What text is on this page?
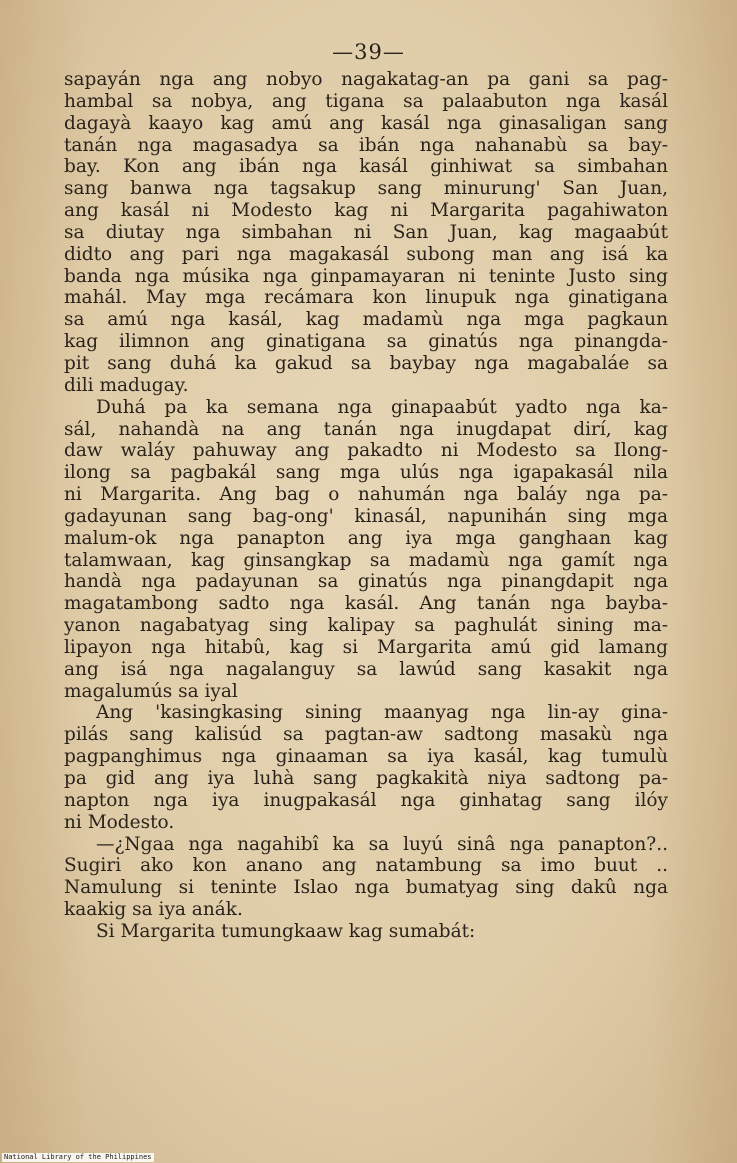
—39—
sapayán nga ang nobyo nagakatag-an pa gani sa pag-
hambal sa nobya, ang tigana sa palaabuton nga kasál
dagayà kaayo kag amú ang kasál nga ginasaligan sang
tanán nga magasadya sa ibán nga nahanabù sa bay-
bay. Kon ang ibán nga kasál ginhiwat sa simbahan
sang banwa nga tagsakup sang minurung' San Juan,
ang kasál ni Modesto kag ni Margarita pagahiwaton
sa diutay nga simbahan ni San Juan, kag magaabút
didto ang pari nga magakasál subong man ang isá ka
banda nga músika nga ginpamayaran ni teninte Justo sing
mahál. May mga recámara kon linupuk nga ginatigana
sa amú nga kasál, kag madamù nga mga pagkaun
kag ilimnon ang ginatigana sa ginatús nga pinangda-
pit sang duhá ka gakud sa baybay nga magabaláe sa
dili madugay.
Duhá pa ka semana nga ginapaabút yadto nga ka-
sál, nahandà na ang tanán nga inugdapat dirí, kag
daw waláy pahuway ang pakadto ni Modesto sa Ilong-
ilong sa pagbakál sang mga ulús nga igapakasál nila
ni Margarita. Ang bag o nahumán nga baláy nga pa-
gadayunan sang bag-ong' kinasál, napunihán sing mga
malum-ok nga panapton ang iya mga ganghaan kag
talamwaan, kag ginsangkap sa madamù nga gamít nga
handà nga padayunan sa ginatús nga pinangdapit nga
magatambong sadto nga kasál. Ang tanán nga bayba-
yanon nagabatyag sing kalipay sa paghulát sining ma-
lipayon nga hitabû, kag si Margarita amú gid lamang
ang isá nga nagalanguy sa lawúd sang kasakit nga
magalumús sa iyal
Ang 'kasingkasing sining maanyag nga lin-ay gina-
pilás sang kalisúd sa pagtan-aw sadtong masakù nga
pagpanghimus nga ginaaman sa iya kasál, kag tumulù
pa gid ang iya luhà sang pagkakità niya sadtong pa-
napton nga iya inugpakasál nga ginhatag sang ilóy
ni Modesto.
—¿Ngaa nga nagahibî ka sa luyú sinâ nga panapton?..
Sugiri ako kon anano ang natambung sa imo buut ..
Namulung si teninte Islao nga bumatyag sing dakû nga
kaakig sa iya anák.
Si Margarita tumungkaaw kag sumabát:
National Library of the Philippines
